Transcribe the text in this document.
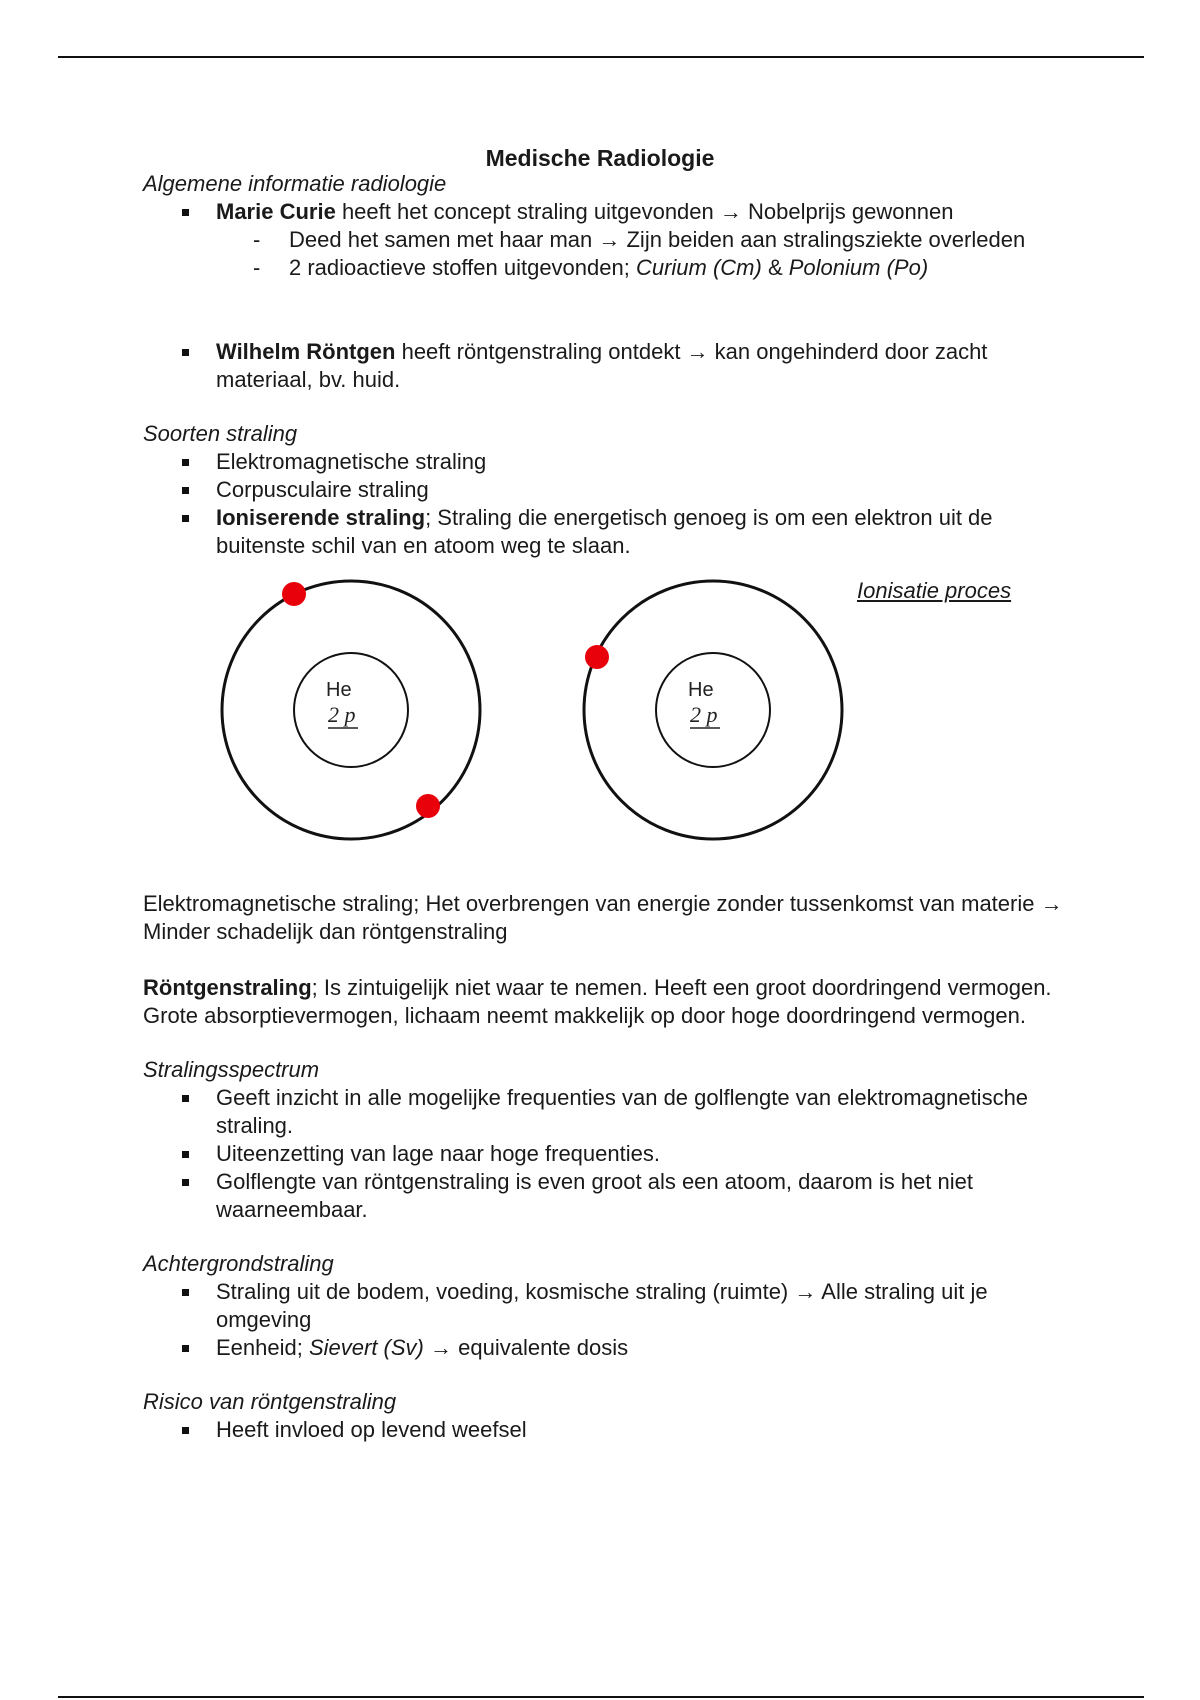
Medische Radiologie
Algemene informatie radiologie
Marie Curie heeft het concept straling uitgevonden → Nobelprijs gewonnen
- Deed het samen met haar man → Zijn beiden aan stralingsziekte overleden
- 2 radioactieve stoffen uitgevonden; Curium (Cm) & Polonium (Po)
Wilhelm Röntgen heeft röntgenstraling ontdekt → kan ongehinderd door zacht materiaal, bv. huid.
Soorten straling
Elektromagnetische straling
Corpusculaire straling
Ioniserende straling; Straling die energetisch genoeg is om een elektron uit de buitenste schil van en atoom weg te slaan.
He
2 p
He
2 p
Ionisatie proces

Elektromagnetische straling; Het overbrengen van energie zonder tussenkomst van materie → Minder schadelijk dan röntgenstraling

Röntgenstraling; Is zintuigelijk niet waar te nemen. Heeft een groot doordringend vermogen. Grote absorptievermogen, lichaam neemt makkelijk op door hoge doordringend vermogen.

Stralingsspectrum
Geeft inzicht in alle mogelijke frequenties van de golflengte van elektromagnetische straling.
Uiteenzetting van lage naar hoge frequenties.
Golflengte van röntgenstraling is even groot als een atoom, daarom is het niet waarneembaar.
Achtergrondstraling
Straling uit de bodem, voeding, kosmische straling (ruimte) → Alle straling uit je omgeving
Eenheid; Sievert (Sv) → equivalente dosis
Risico van röntgenstraling
Heeft invloed op levend weefsel
